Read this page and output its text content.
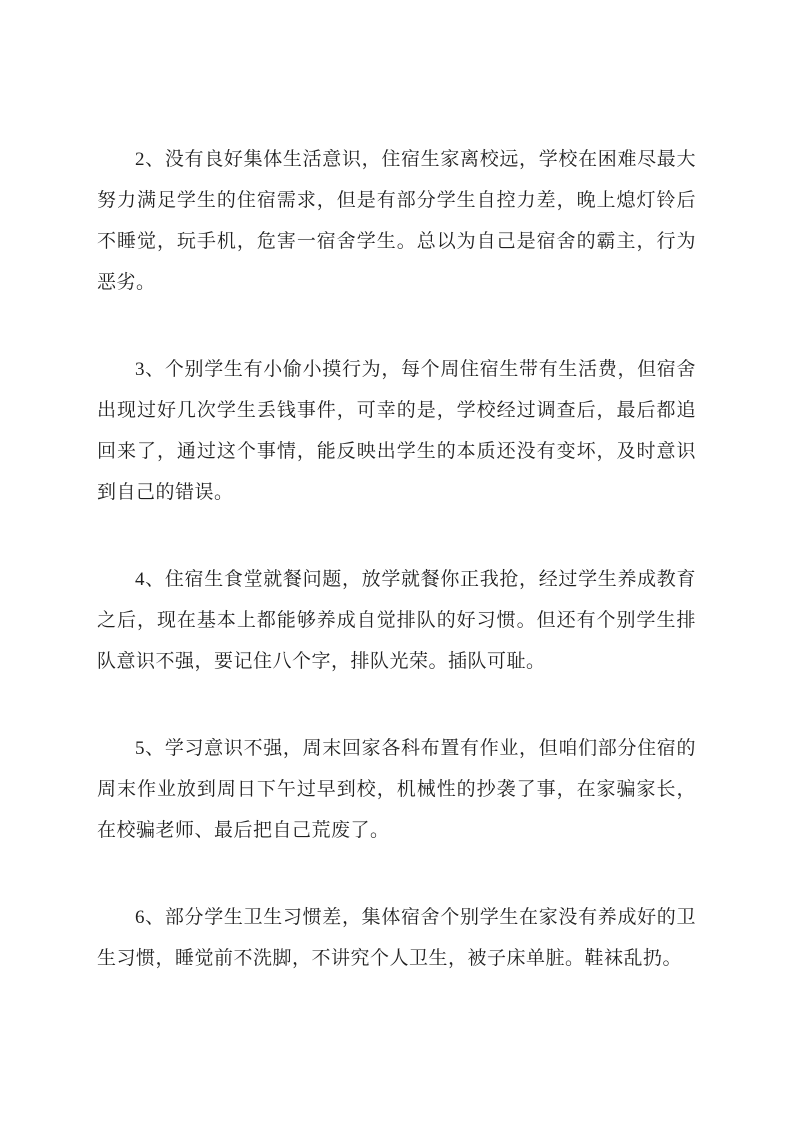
2、没有良好集体生活意识，住宿生家离校远，学校在困难尽最大努力满足学生的住宿需求，但是有部分学生自控力差，晚上熄灯铃后不睡觉，玩手机，危害一宿舍学生。总以为自己是宿舍的霸主，行为恶劣。

3、个别学生有小偷小摸行为，每个周住宿生带有生活费，但宿舍出现过好几次学生丢钱事件，可幸的是，学校经过调查后，最后都追回来了，通过这个事情，能反映出学生的本质还没有变坏，及时意识到自己的错误。

4、住宿生食堂就餐问题，放学就餐你正我抢，经过学生养成教育之后，现在基本上都能够养成自觉排队的好习惯。但还有个别学生排队意识不强，要记住八个字，排队光荣。插队可耻。

5、学习意识不强，周末回家各科布置有作业，但咱们部分住宿的周末作业放到周日下午过早到校，机械性的抄袭了事，在家骗家长，在校骗老师、最后把自己荒废了。

6、部分学生卫生习惯差，集体宿舍个别学生在家没有养成好的卫生习惯，睡觉前不洗脚，不讲究个人卫生，被子床单脏。鞋袜乱扔。
